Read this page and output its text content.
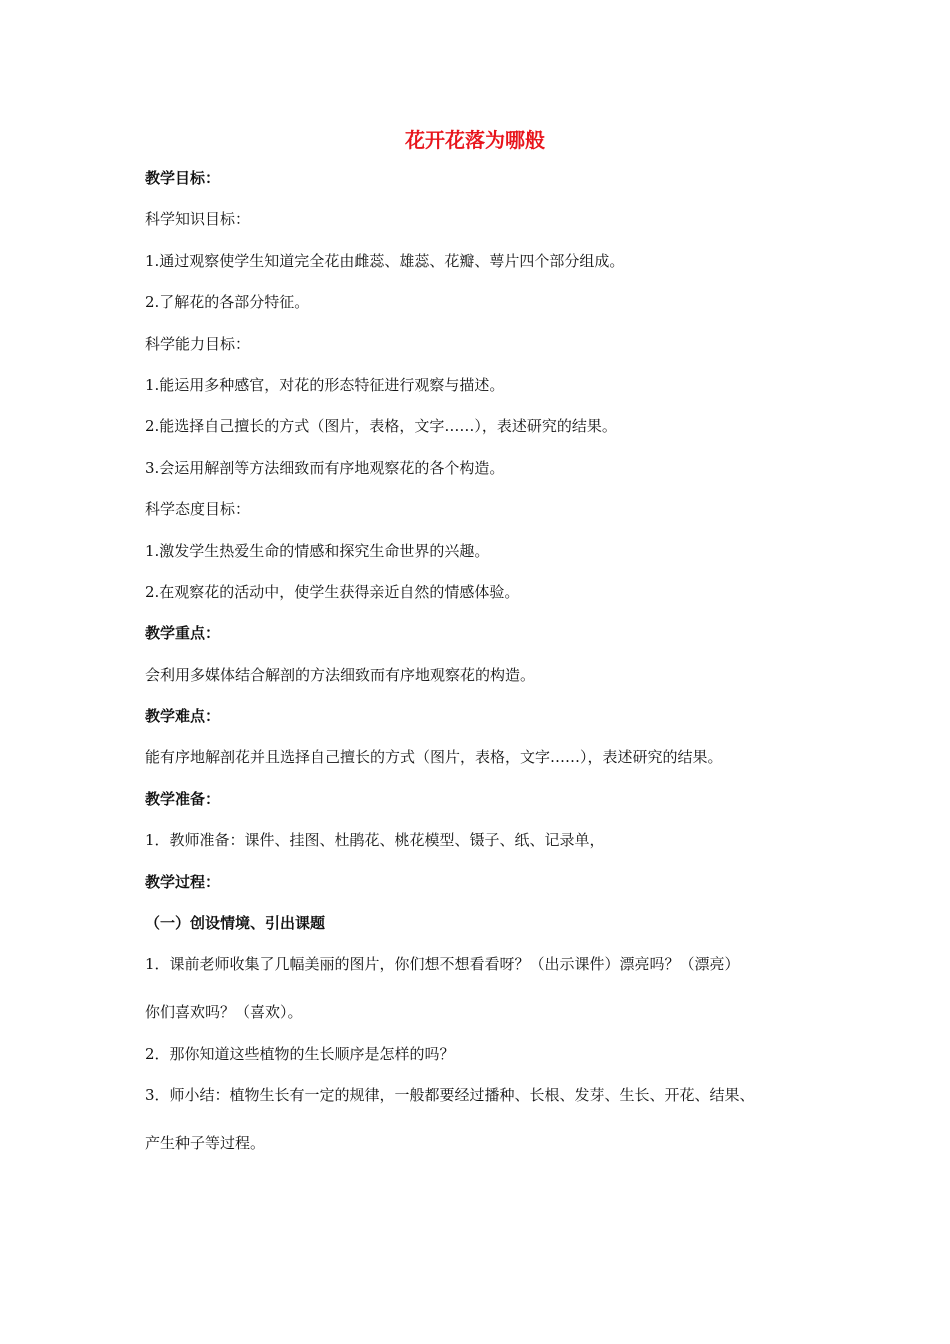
花开花落为哪般

教学目标：

科学知识目标：

1.通过观察使学生知道完全花由雌蕊、雄蕊、花瓣、萼片四个部分组成。

2.了解花的各部分特征。

科学能力目标：

1.能运用多种感官，对花的形态特征进行观察与描述。

2.能选择自己擅长的方式（图片，表格，文字……），表述研究的结果。

3.会运用解剖等方法细致而有序地观察花的各个构造。

科学态度目标：

1.激发学生热爱生命的情感和探究生命世界的兴趣。

2.在观察花的活动中，使学生获得亲近自然的情感体验。

教学重点：

会利用多媒体结合解剖的方法细致而有序地观察花的构造。

教学难点：

能有序地解剖花并且选择自己擅长的方式（图片，表格，文字……），表述研究的结果。

教学准备：

1．教师准备：课件、挂图、杜鹃花、桃花模型、镊子、纸、记录单，

教学过程：

（一）创设情境、引出课题

1．课前老师收集了几幅美丽的图片，你们想不想看看呀？（出示课件）漂亮吗？（漂亮）

你们喜欢吗？（喜欢）。

2．那你知道这些植物的生长顺序是怎样的吗？

3．师小结：植物生长有一定的规律，一般都要经过播种、长根、发芽、生长、开花、结果、

产生种子等过程。
